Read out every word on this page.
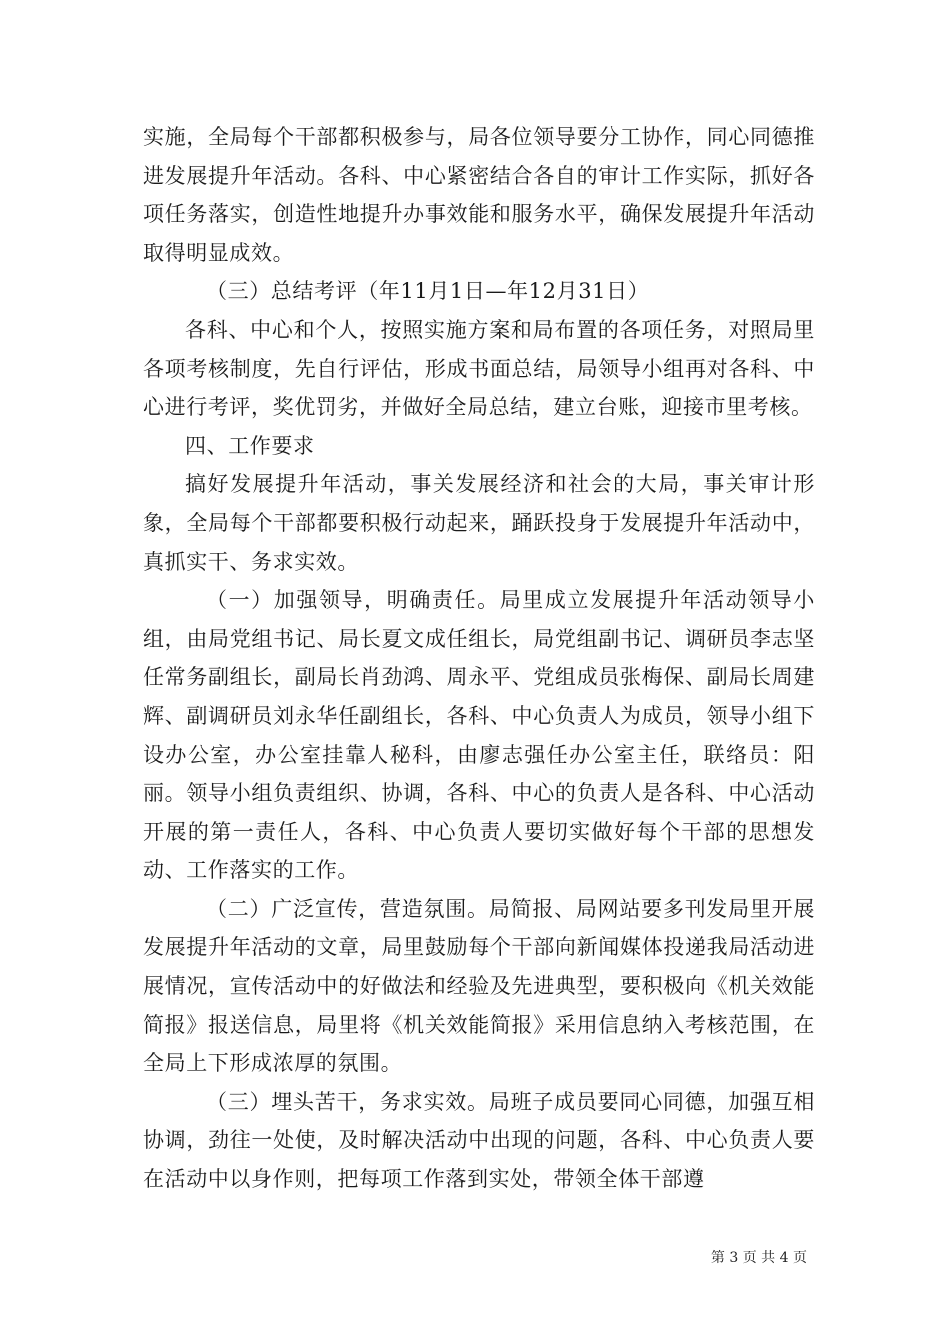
实施，全局每个干部都积极参与，局各位领导要分工协作，同心同德推进发展提升年活动。各科、中心紧密结合各自的审计工作实际，抓好各项任务落实，创造性地提升办事效能和服务水平，确保发展提升年活动取得明显成效。

（三）总结考评（年11月1日—年12月31日）

各科、中心和个人，按照实施方案和局布置的各项任务，对照局里各项考核制度，先自行评估，形成书面总结，局领导小组再对各科、中心进行考评，奖优罚劣，并做好全局总结，建立台账，迎接市里考核。

四、工作要求

搞好发展提升年活动，事关发展经济和社会的大局，事关审计形象，全局每个干部都要积极行动起来，踊跃投身于发展提升年活动中，真抓实干、务求实效。

（一）加强领导，明确责任。局里成立发展提升年活动领导小组，由局党组书记、局长夏文成任组长，局党组副书记、调研员李志坚任常务副组长，副局长肖劲鸿、周永平、党组成员张梅保、副局长周建辉、副调研员刘永华任副组长，各科、中心负责人为成员，领导小组下设办公室，办公室挂靠人秘科，由廖志强任办公室主任，联络员：阳丽。领导小组负责组织、协调，各科、中心的负责人是各科、中心活动开展的第一责任人，各科、中心负责人要切实做好每个干部的思想发动、工作落实的工作。

（二）广泛宣传，营造氛围。局简报、局网站要多刊发局里开展发展提升年活动的文章，局里鼓励每个干部向新闻媒体投递我局活动进展情况，宣传活动中的好做法和经验及先进典型，要积极向《机关效能简报》报送信息，局里将《机关效能简报》采用信息纳入考核范围，在全局上下形成浓厚的氛围。

（三）埋头苦干，务求实效。局班子成员要同心同德，加强互相协调，劲往一处使，及时解决活动中出现的问题，各科、中心负责人要在活动中以身作则，把每项工作落到实处，带领全体干部遵

第 3 页 共 4 页
